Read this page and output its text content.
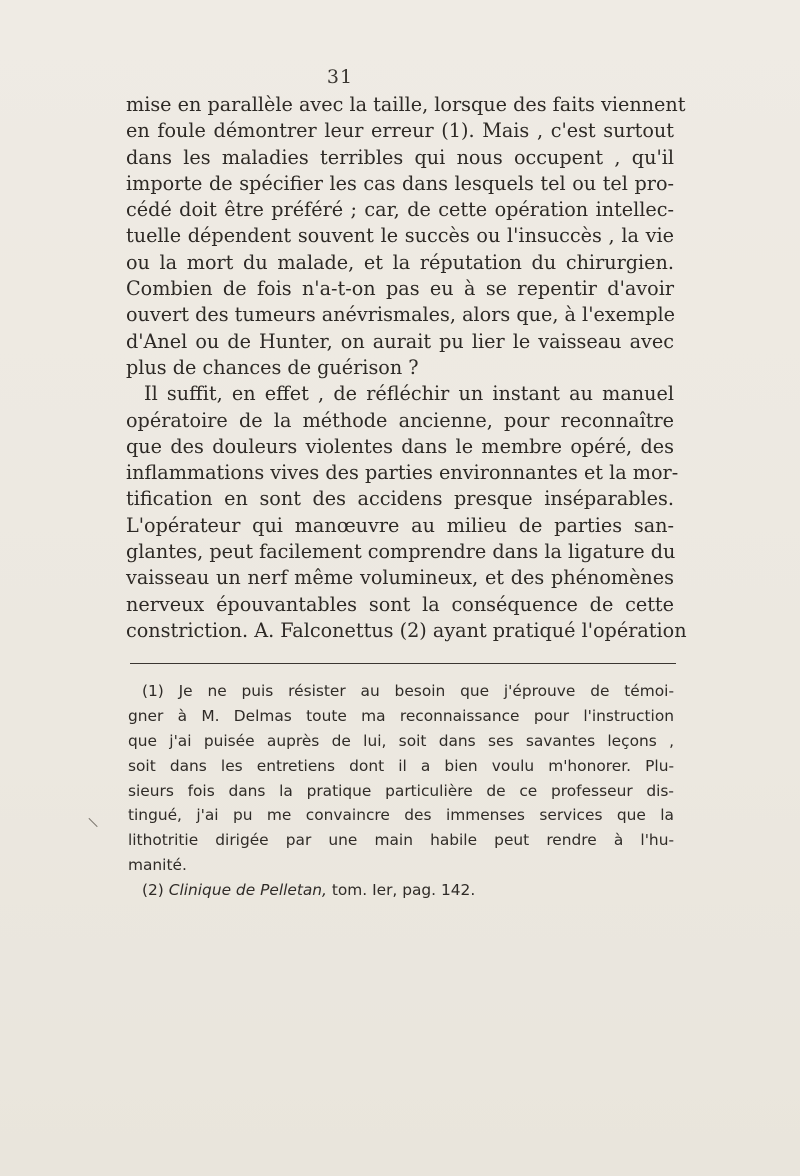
31
mise en parallèle avec la taille, lorsque des faits viennent
en foule démontrer leur erreur (1). Mais , c'est surtout
dans les maladies terribles qui nous occupent , qu'il
importe de spécifier les cas dans lesquels tel ou tel pro-
cédé doit être préféré ; car, de cette opération intellec-
tuelle dépendent souvent le succès ou l'insuccès , la vie
ou la mort du malade, et la réputation du chirurgien.
Combien de fois n'a-t-on pas eu à se repentir d'avoir
ouvert des tumeurs anévrismales, alors que, à l'exemple
d'Anel ou de Hunter, on aurait pu lier le vaisseau avec
plus de chances de guérison ?
Il suffit, en effet , de réfléchir un instant au manuel
opératoire de la méthode ancienne, pour reconnaître
que des douleurs violentes dans le membre opéré, des
inflammations vives des parties environnantes et la mor-
tification en sont des accidens presque inséparables.
L'opérateur qui manœuvre au milieu de parties san-
glantes, peut facilement comprendre dans la ligature du
vaisseau un nerf même volumineux, et des phénomènes
nerveux épouvantables sont la conséquence de cette
constriction. A. Falconettus (2) ayant pratiqué l'opération
(1) Je ne puis résister au besoin que j'éprouve de témoi-
gner à M. Delmas toute ma reconnaissance pour l'instruction
que j'ai puisée auprès de lui, soit dans ses savantes leçons ,
soit dans les entretiens dont il a bien voulu m'honorer. Plu-
sieurs fois dans la pratique particulière de ce professeur dis-
tingué, j'ai pu me convaincre des immenses services que la
lithotritie dirigée par une main habile peut rendre à l'hu-
manité.
(2) Clinique de Pelletan, tom. Ier, pag. 142.
